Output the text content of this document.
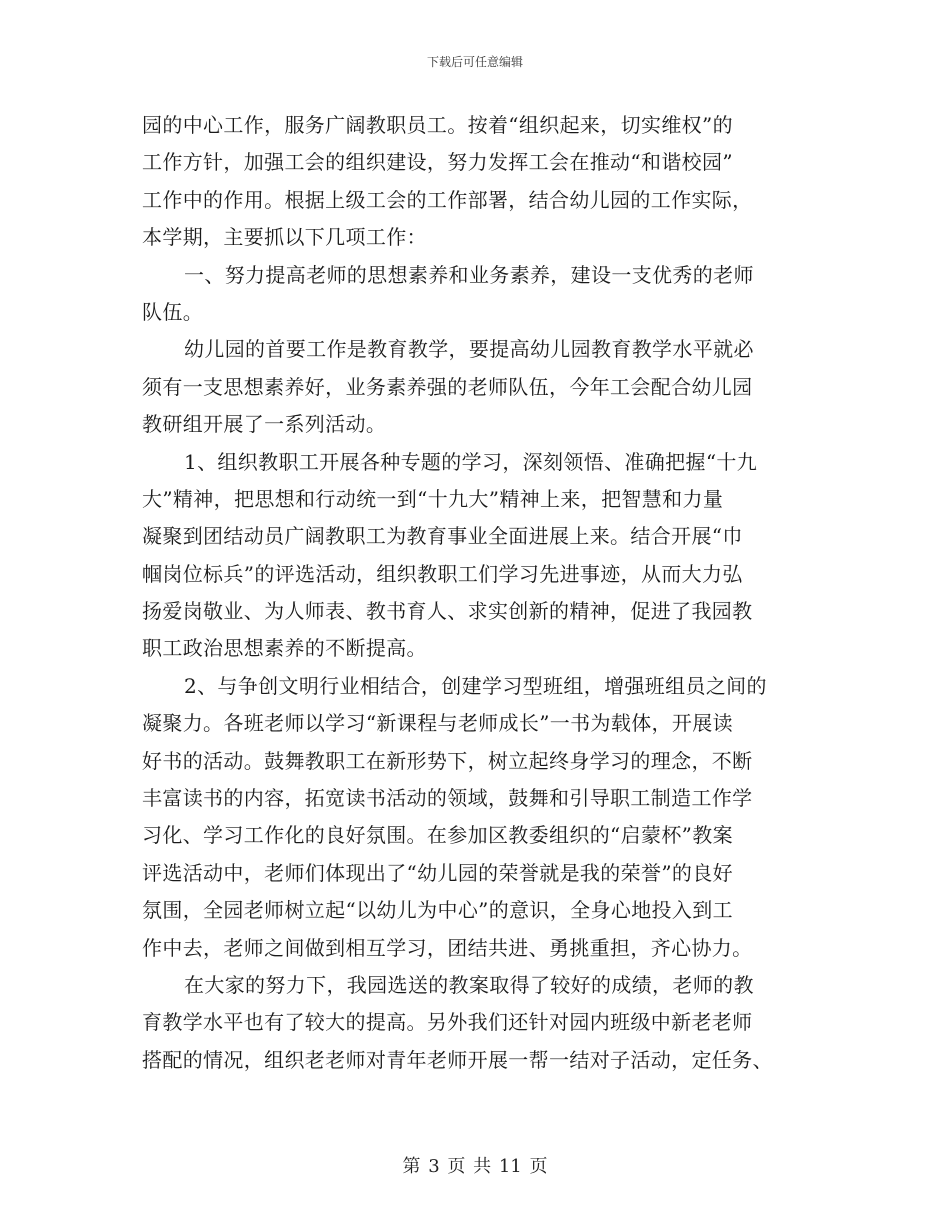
下载后可任意编辑
园的中心工作，服务广阔教职员工。按着“组织起来，切实维权”的
工作方针，加强工会的组织建设，努力发挥工会在推动“和谐校园”
工作中的作用。根据上级工会的工作部署，结合幼儿园的工作实际，
本学期，主要抓以下几项工作：
一、努力提高老师的思想素养和业务素养，建设一支优秀的老师
队伍。
幼儿园的首要工作是教育教学，要提高幼儿园教育教学水平就必
须有一支思想素养好，业务素养强的老师队伍，今年工会配合幼儿园
教研组开展了一系列活动。
1、组织教职工开展各种专题的学习，深刻领悟、准确把握“十九
大”精神，把思想和行动统一到“十九大”精神上来，把智慧和力量
凝聚到团结动员广阔教职工为教育事业全面进展上来。结合开展“巾
帼岗位标兵”的评选活动，组织教职工们学习先进事迹，从而大力弘
扬爱岗敬业、为人师表、教书育人、求实创新的精神，促进了我园教
职工政治思想素养的不断提高。
2、与争创文明行业相结合，创建学习型班组，增强班组员之间的
凝聚力。各班老师以学习“新课程与老师成长”一书为载体，开展读
好书的活动。鼓舞教职工在新形势下，树立起终身学习的理念，不断
丰富读书的内容，拓宽读书活动的领域，鼓舞和引导职工制造工作学
习化、学习工作化的良好氛围。在参加区教委组织的“启蒙杯”教案
评选活动中，老师们体现出了“幼儿园的荣誉就是我的荣誉”的良好
氛围，全园老师树立起“以幼儿为中心”的意识，全身心地投入到工
作中去，老师之间做到相互学习，团结共进、勇挑重担，齐心协力。
在大家的努力下，我园选送的教案取得了较好的成绩，老师的教
育教学水平也有了较大的提高。另外我们还针对园内班级中新老老师
搭配的情况，组织老老师对青年老师开展一帮一结对子活动，定任务、
第 3 页 共 11 页
